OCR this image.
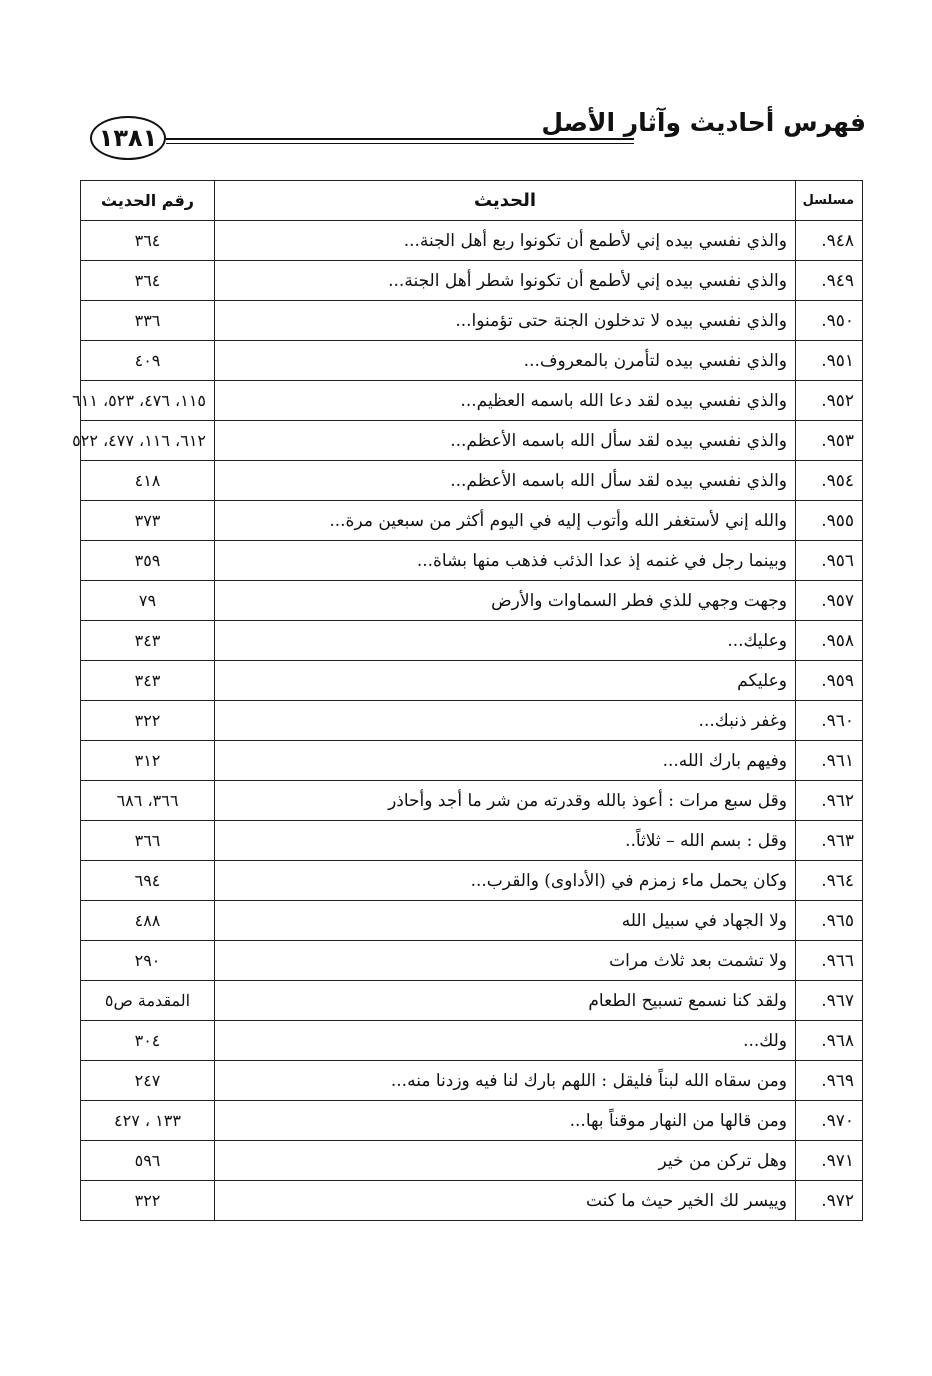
فهرس أحاديث وآثار الأصل
١٣٨١
مسلسل	الحديث	رقم الحديث
٩٤٨.	والذي نفسي بيده إني لأطمع أن تكونوا ربع أهل الجنة...	٣٦٤
٩٤٩.	والذي نفسي بيده إني لأطمع أن تكونوا شطر أهل الجنة...	٣٦٤
٩٥٠.	والذي نفسي بيده لا تدخلون الجنة حتى تؤمنوا...	٣٣٦
٩٥١.	والذي نفسي بيده لتأمرن بالمعروف...	٤٠٩
٩٥٢.	والذي نفسي بيده لقد دعا الله باسمه العظيم...	١١٥، ٤٧٦، ٥٢٣، ٦١١
٩٥٣.	والذي نفسي بيده لقد سأل الله باسمه الأعظم...	٦١٢، ١١٦، ٤٧٧، ٥٢٢
٩٥٤.	والذي نفسي بيده لقد سأل الله باسمه الأعظم...	٤١٨
٩٥٥.	والله إني لأستغفر الله وأتوب إليه في اليوم أكثر من سبعين مرة...	٣٧٣
٩٥٦.	وبينما رجل في غنمه إذ عدا الذئب فذهب منها بشاة...	٣٥٩
٩٥٧.	وجهت وجهي للذي فطر السماوات والأرض	٧٩
٩٥٨.	وعليك...	٣٤٣
٩٥٩.	وعليكم	٣٤٣
٩٦٠.	وغفر ذنبك...	٣٢٢
٩٦١.	وفيهم بارك الله...	٣١٢
٩٦٢.	وقل سبع مرات : أعوذ بالله وقدرته من شر ما أجد وأحاذر	٣٦٦، ٦٨٦
٩٦٣.	وقل : بسم الله – ثلاثاً..	٣٦٦
٩٦٤.	وكان يحمل ماء زمزم في (الأداوى) والقرب...	٦٩٤
٩٦٥.	ولا الجهاد في سبيل الله	٤٨٨
٩٦٦.	ولا تشمت بعد ثلاث مرات	٢٩٠
٩٦٧.	ولقد كنا نسمع تسبيح الطعام	المقدمة ص٥
٩٦٨.	ولك...	٣٠٤
٩٦٩.	ومن سقاه الله لبناً فليقل : اللهم بارك لنا فيه وزدنا منه...	٢٤٧
٩٧٠.	ومن قالها من النهار موقناً بها...	١٣٣ ، ٤٢٧
٩٧١.	وهل تركن من خير	٥٩٦
٩٧٢.	وييسر لك الخير حيث ما كنت	٣٢٢
